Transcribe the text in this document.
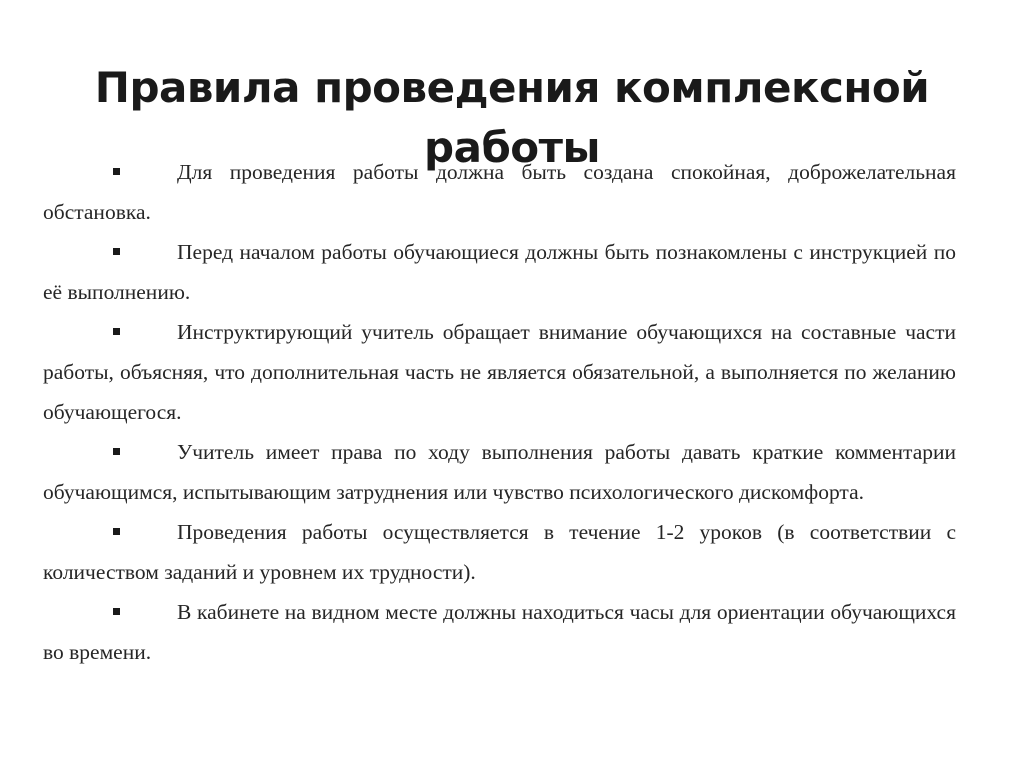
Правила проведения комплексной работы
Для проведения работы должна быть создана спокойная, доброжелательная обстановка.
Перед началом работы обучающиеся должны быть познакомлены с инструкцией по её выполнению.
Инструктирующий учитель обращает внимание обучающихся на составные части работы, объясняя, что дополнительная часть не является обязательной, а выполняется по желанию обучающегося.
Учитель имеет права по ходу выполнения работы давать краткие комментарии обучающимся, испытывающим затруднения или чувство психологического дискомфорта.
Проведения работы осуществляется в течение 1-2 уроков (в соответствии с количеством заданий и уровнем их трудности).
В кабинете на видном месте должны находиться часы для ориентации обучающихся во времени.
